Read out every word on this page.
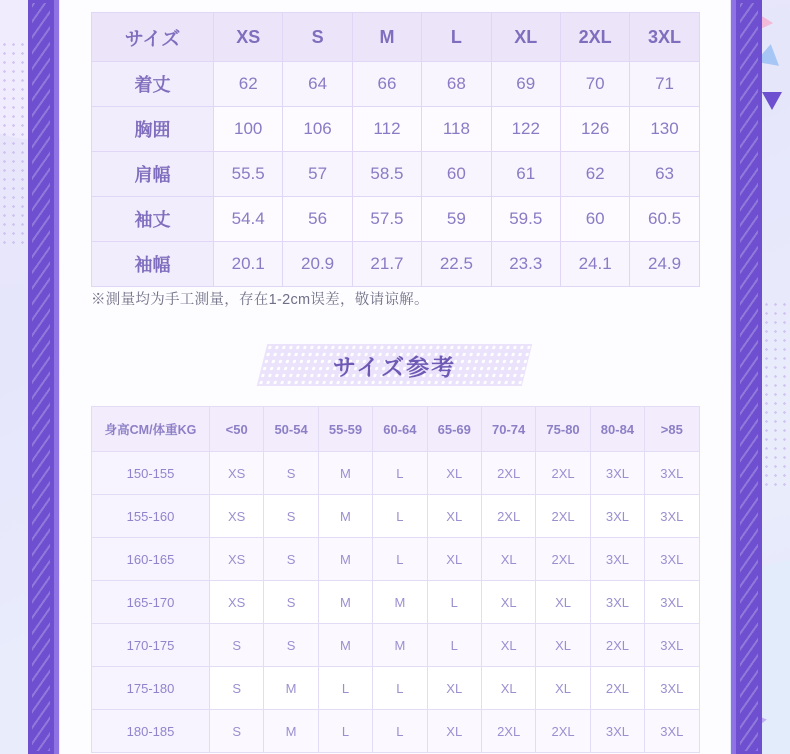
サイズ	XS	S	M	L	XL	2XL	3XL
着丈	62	64	66	68	69	70	71
胸囲	100	106	112	118	122	126	130
肩幅	55.5	57	58.5	60	61	62	63
袖丈	54.4	56	57.5	59	59.5	60	60.5
袖幅	20.1	20.9	21.7	22.5	23.3	24.1	24.9
※測量均为手工測量，存在1-2cm误差，敬请谅解。
サイズ参考
身高CM/体重KG	<50	50-54	55-59	60-64	65-69	70-74	75-80	80-84	>85
150-155	XS	S	M	L	XL	2XL	2XL	3XL	3XL
155-160	XS	S	M	L	XL	2XL	2XL	3XL	3XL
160-165	XS	S	M	L	XL	XL	2XL	3XL	3XL
165-170	XS	S	M	M	L	XL	XL	3XL	3XL
170-175	S	S	M	M	L	XL	XL	2XL	3XL
175-180	S	M	L	L	XL	XL	XL	2XL	3XL
180-185	S	M	L	L	XL	2XL	2XL	3XL	3XL
